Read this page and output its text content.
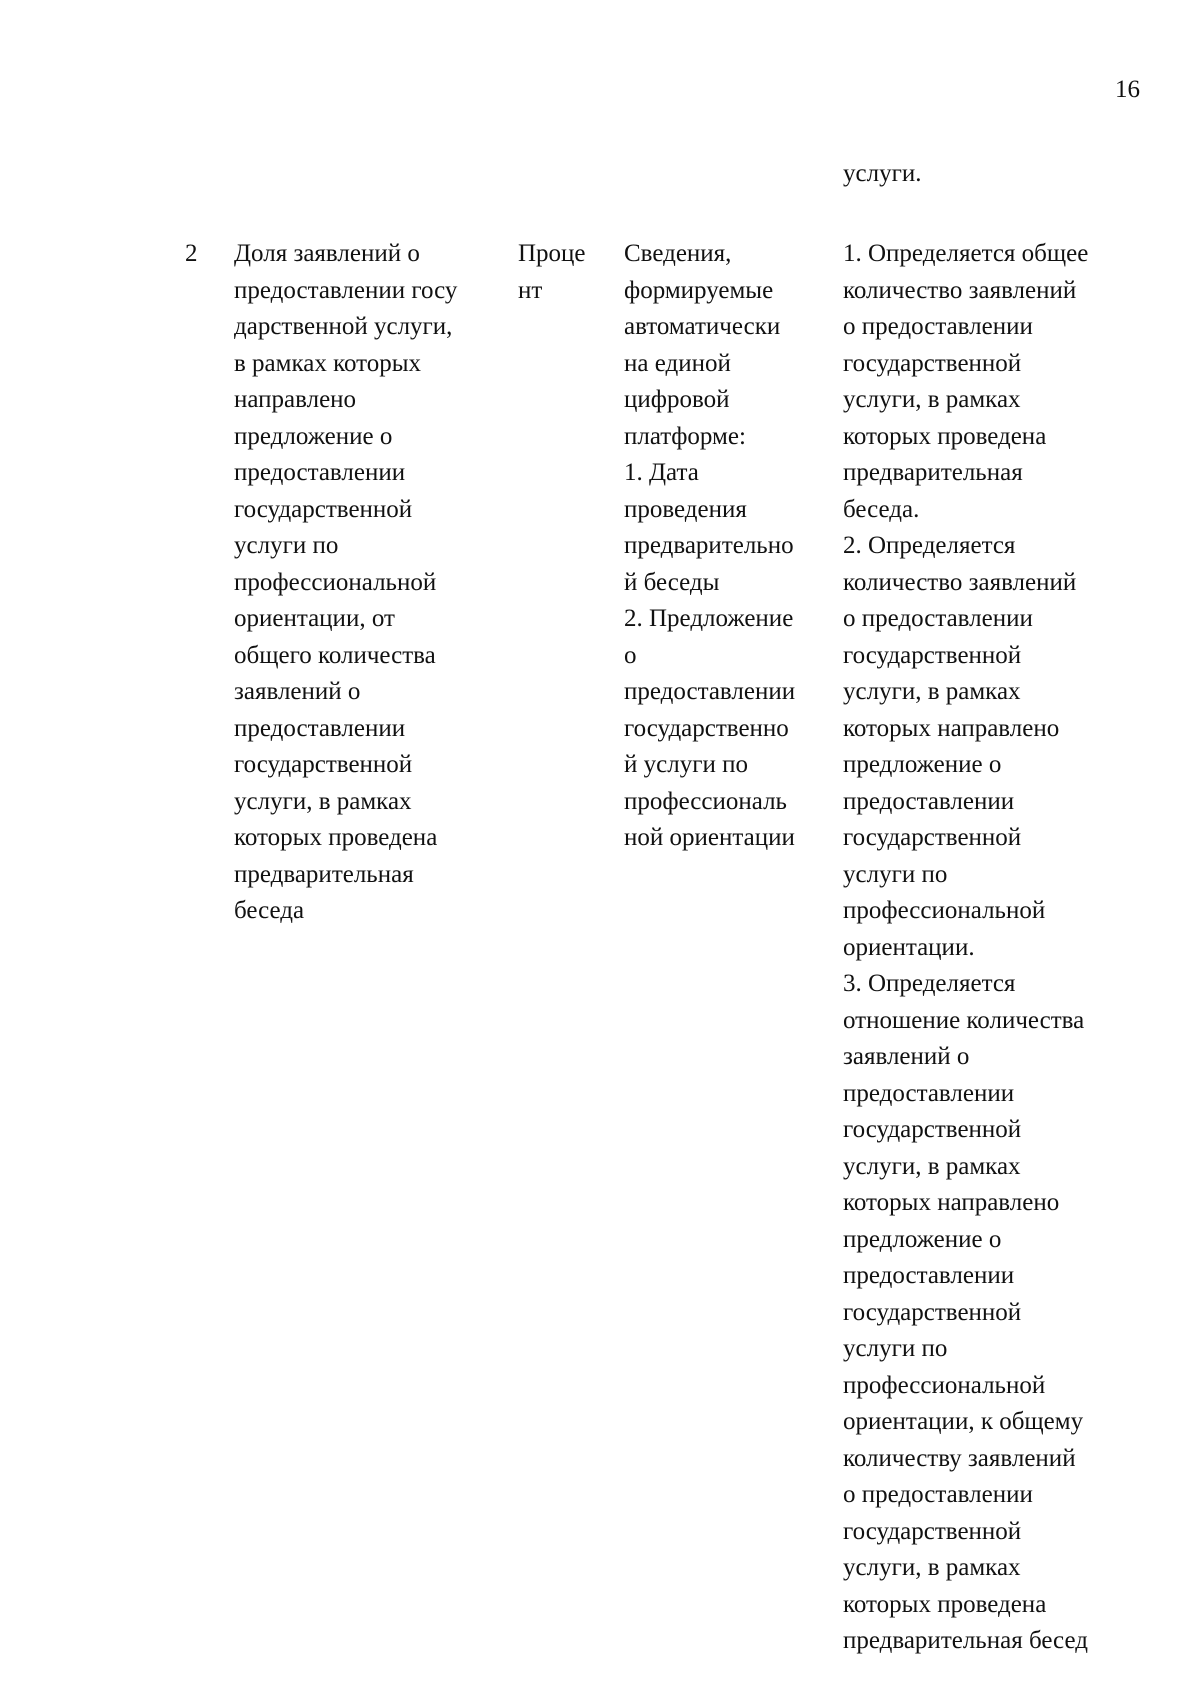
16
услуги.
2	Доля заявлений о
предоставлении госу
дарственной услуги,
в рамках которых
направлено
предложение о
предоставлении
государственной
услуги по
профессиональной
ориентации, от
общего количества
заявлений о
предоставлении
государственной
услуги, в рамках
которых проведена
предварительная
беседа
Проце
нт
Сведения,
формируемые
автоматически
на единой
цифровой
платформе:
1. Дата
проведения
предварительно
й беседы
2. Предложение
о
предоставлении
государственно
й услуги по
профессиональ
ной ориентации
1. Определяется общее
количество заявлений
о предоставлении
государственной
услуги, в рамках
которых проведена
предварительная
беседа.
2. Определяется
количество заявлений
о предоставлении
государственной
услуги, в рамках
которых направлено
предложение о
предоставлении
государственной
услуги по
профессиональной
ориентации.
3. Определяется
отношение количества
заявлений о
предоставлении
государственной
услуги, в рамках
которых направлено
предложение о
предоставлении
государственной
услуги по
профессиональной
ориентации, к общему
количеству заявлений
о предоставлении
государственной
услуги, в рамках
которых проведена
предварительная бесед
